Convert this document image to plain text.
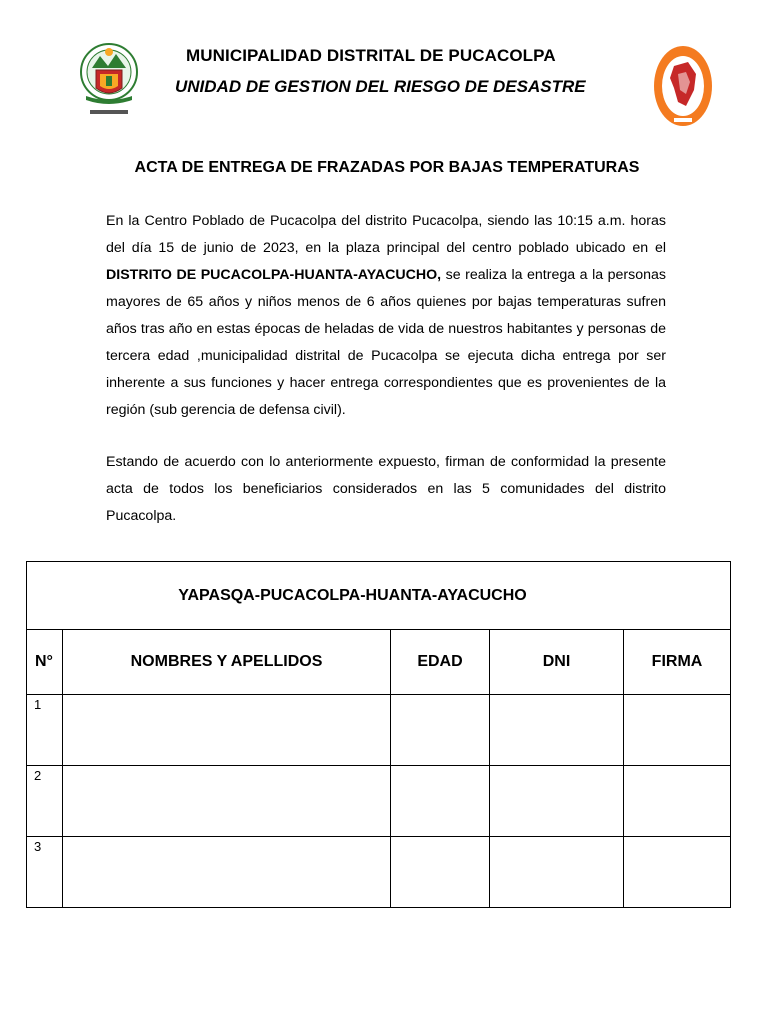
MUNICIPALIDAD DISTRITAL DE PUCACOLPA
UNIDAD DE GESTION DEL RIESGO DE DESASTRE
ACTA DE ENTREGA DE FRAZADAS POR BAJAS TEMPERATURAS
En la Centro Poblado de Pucacolpa del distrito Pucacolpa, siendo las 10:15 a.m. horas del día 15 de junio de 2023, en la plaza principal del centro poblado ubicado en el DISTRITO DE PUCACOLPA-HUANTA-AYACUCHO, se realiza la entrega a la personas mayores de 65 años y niños menos de 6 años quienes por bajas temperaturas sufren años tras año en estas épocas de heladas de vida de nuestros habitantes y personas de tercera edad ,municipalidad distrital de Pucacolpa se ejecuta dicha entrega por ser inherente a sus funciones y hacer entrega correspondientes que es provenientes de la región (sub gerencia de defensa civil).
Estando de acuerdo con lo anteriormente expuesto, firman de conformidad la presente acta de todos los beneficiarios considerados en las 5 comunidades del distrito Pucacolpa.
YAPASQA-PUCACOLPA-HUANTA-AYACUCHO				
N°	NOMBRES Y APELLIDOS	EDAD	DNI	FIRMA
1				
2				
3				
